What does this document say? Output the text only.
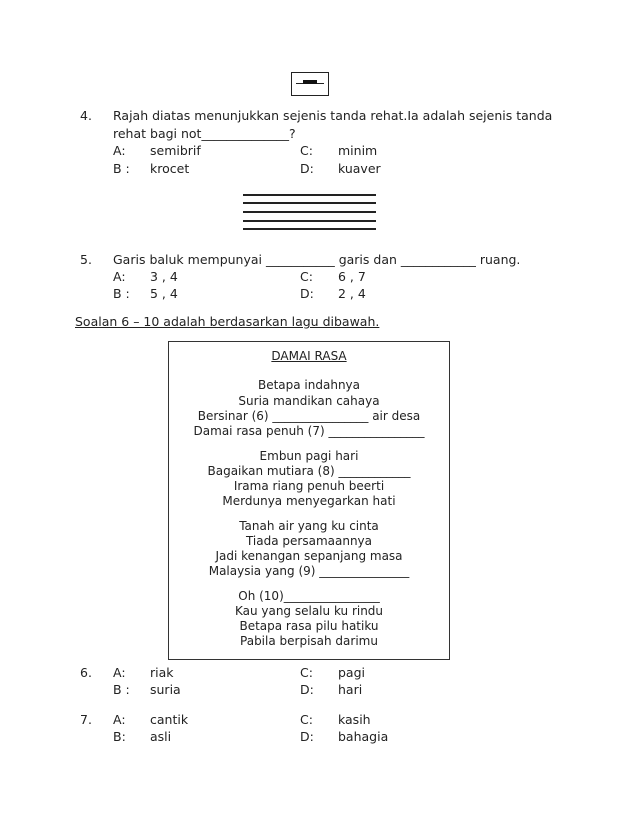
4. Rajah diatas menunjukkan sejenis tanda rehat.Ia adalah sejenis tanda
rehat bagi not______________?
A: semibrif	C: minim
B : krocet	D: kuaver
5. Garis baluk mempunyai ___________ garis dan ____________ ruang.
A: 3 , 4	C: 6 , 7
B : 5 , 4	D: 2 , 4
Soalan 6 – 10 adalah berdasarkan lagu dibawah.
DAMAI RASA
Betapa indahnya
Suria mandikan cahaya
Bersinar (6) ________________ air desa
Damai rasa penuh (7) ________________
Embun pagi hari
Bagaikan mutiara (8) ____________
Irama riang penuh beerti
Merdunya menyegarkan hati
Tanah air yang ku cinta
Tiada persamaannya
Jadi kenangan sepanjang masa
Malaysia yang (9) _______________
Oh (10)________________
Kau yang selalu ku rindu
Betapa rasa pilu hatiku
Pabila berpisah darimu
6. A: riak	C: pagi
B : suria	D: hari
7. A: cantik	C: kasih
B: asli	D: bahagia
